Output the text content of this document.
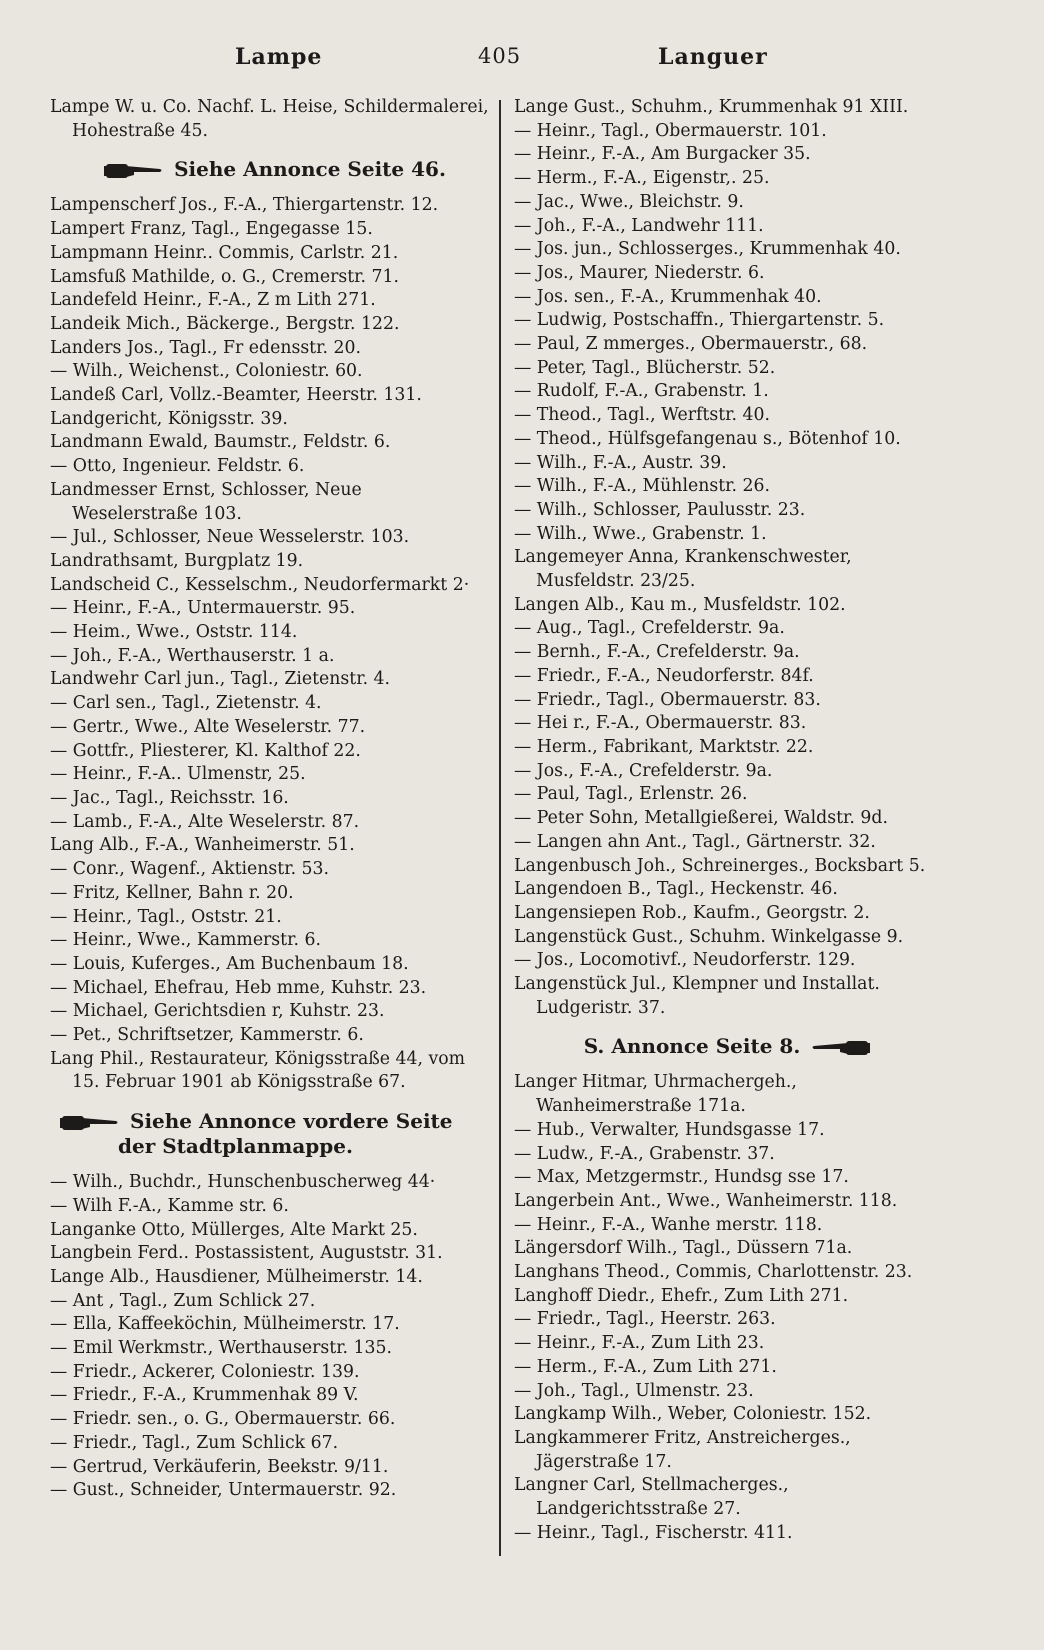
Lampe	405	Languer
Lampe W. u. Co. Nachf. L. Heise, Schildermalerei, Hohestraße 45.
Siehe Annonce Seite 46.
Lampenscherf Jos., F.-A., Thiergartenstr. 12.
Lampert Franz, Tagl., Engegasse 15.
Lampmann Heinr.. Commis, Carlstr. 21.
Lamsfuß Mathilde, o. G., Cremerstr. 71.
Landefeld Heinr., F.-A., Z m Lith 271.
Landeik Mich., Bäckerge., Bergstr. 122.
Landers Jos., Tagl., Fr edensstr. 20.
— Wilh., Weichenst., Coloniestr. 60.
Landeß Carl, Vollz.-Beamter, Heerstr. 131.
Landgericht, Königsstr. 39.
Landmann Ewald, Baumstr., Feldstr. 6.
— Otto, Ingenieur. Feldstr. 6.
Landmesser Ernst, Schlosser, Neue Weselerstraße 103.
— Jul., Schlosser, Neue Wesselerstr. 103.
Landrathsamt, Burgplatz 19.
Landscheid C., Kesselschm., Neudorfermarkt 2·
— Heinr., F.-A., Untermauerstr. 95.
— Heim., Wwe., Oststr. 114.
— Joh., F.-A., Werthauserstr. 1 a.
Landwehr Carl jun., Tagl., Zietenstr. 4.
— Carl sen., Tagl., Zietenstr. 4.
— Gertr., Wwe., Alte Weselerstr. 77.
— Gottfr., Pliesterer, Kl. Kalthof 22.
— Heinr., F.-A.. Ulmenstr, 25.
— Jac., Tagl., Reichsstr. 16.
— Lamb., F.-A., Alte Weselerstr. 87.
Lang Alb., F.-A., Wanheimerstr. 51.
— Conr., Wagenf., Aktienstr. 53.
— Fritz, Kellner, Bahn r. 20.
— Heinr., Tagl., Oststr. 21.
— Heinr., Wwe., Kammerstr. 6.
— Louis, Kuferges., Am Buchenbaum 18.
— Michael, Ehefrau, Heb mme, Kuhstr. 23.
— Michael, Gerichtsdien r, Kuhstr. 23.
— Pet., Schriftsetzer, Kammerstr. 6.
Lang Phil., Restaurateur, Königsstraße 44, vom 15. Februar 1901 ab Königsstraße 67.
Siehe Annonce vordere Seite der Stadtplanmappe.
— Wilh., Buchdr., Hunschenbuscherweg 44·
— Wilh F.-A., Kamme str. 6.
Langanke Otto, Müllerges, Alte Markt 25.
Langbein Ferd.. Postassistent, Auguststr. 31.
Lange Alb., Hausdiener, Mülheimerstr. 14.
— Ant , Tagl., Zum Schlick 27.
— Ella, Kaffeeköchin, Mülheimerstr. 17.
— Emil Werkmstr., Werthauserstr. 135.
— Friedr., Ackerer, Coloniestr. 139.
— Friedr., F.-A., Krummenhak 89 V.
— Friedr. sen., o. G., Obermauerstr. 66.
— Friedr., Tagl., Zum Schlick 67.
— Gertrud, Verkäuferin, Beekstr. 9/11.
— Gust., Schneider, Untermauerstr. 92.
Lange Gust., Schuhm., Krummenhak 91 XIII.
— Heinr., Tagl., Obermauerstr. 101.
— Heinr., F.-A., Am Burgacker 35.
— Herm., F.-A., Eigenstr,. 25.
— Jac., Wwe., Bleichstr. 9.
— Joh., F.-A., Landwehr 111.
— Jos. jun., Schlosserges., Krummenhak 40.
— Jos., Maurer, Niederstr. 6.
— Jos. sen., F.-A., Krummenhak 40.
— Ludwig, Postschaffn., Thiergartenstr. 5.
— Paul, Z mmerges., Obermauerstr., 68.
— Peter, Tagl., Blücherstr. 52.
— Rudolf, F.-A., Grabenstr. 1.
— Theod., Tagl., Werftstr. 40.
— Theod., Hülfsgefangenau s., Bötenhof 10.
— Wilh., F.-A., Austr. 39.
— Wilh., F.-A., Mühlenstr. 26.
— Wilh., Schlosser, Paulusstr. 23.
— Wilh., Wwe., Grabenstr. 1.
Langemeyer Anna, Krankenschwester, Musfeldstr. 23/25.
Langen Alb., Kau m., Musfeldstr. 102.
— Aug., Tagl., Crefelderstr. 9a.
— Bernh., F.-A., Crefelderstr. 9a.
— Friedr., F.-A., Neudorferstr. 84f.
— Friedr., Tagl., Obermauerstr. 83.
— Hei r., F.-A., Obermauerstr. 83.
— Herm., Fabrikant, Marktstr. 22.
— Jos., F.-A., Crefelderstr. 9a.
— Paul, Tagl., Erlenstr. 26.
— Peter Sohn, Metallgießerei, Waldstr. 9d.
— Langen ahn Ant., Tagl., Gärtnerstr. 32.
Langenbusch Joh., Schreinerges., Bocksbart 5.
Langendoen B., Tagl., Heckenstr. 46.
Langensiepen Rob., Kaufm., Georgstr. 2.
Langenstück Gust., Schuhm. Winkelgasse 9.
— Jos., Locomotivf., Neudorferstr. 129.
Langenstück Jul., Klempner und Installat. Ludgeristr. 37.
S. Annonce Seite 8.
Langer Hitmar, Uhrmachergeh., Wanheimerstraße 171a.
— Hub., Verwalter, Hundsgasse 17.
— Ludw., F.-A., Grabenstr. 37.
— Max, Metzgermstr., Hundsg sse 17.
Langerbein Ant., Wwe., Wanheimerstr. 118.
— Heinr., F.-A., Wanhe merstr. 118.
Längersdorf Wilh., Tagl., Düssern 71a.
Langhans Theod., Commis, Charlottenstr. 23.
Langhoff Diedr., Ehefr., Zum Lith 271.
— Friedr., Tagl., Heerstr. 263.
— Heinr., F.-A., Zum Lith 23.
— Herm., F.-A., Zum Lith 271.
— Joh., Tagl., Ulmenstr. 23.
Langkamp Wilh., Weber, Coloniestr. 152.
Langkammerer Fritz, Anstreicherges., Jägerstraße 17.
Langner Carl, Stellmacherges., Landgerichtsstraße 27.
— Heinr., Tagl., Fischerstr. 411.
